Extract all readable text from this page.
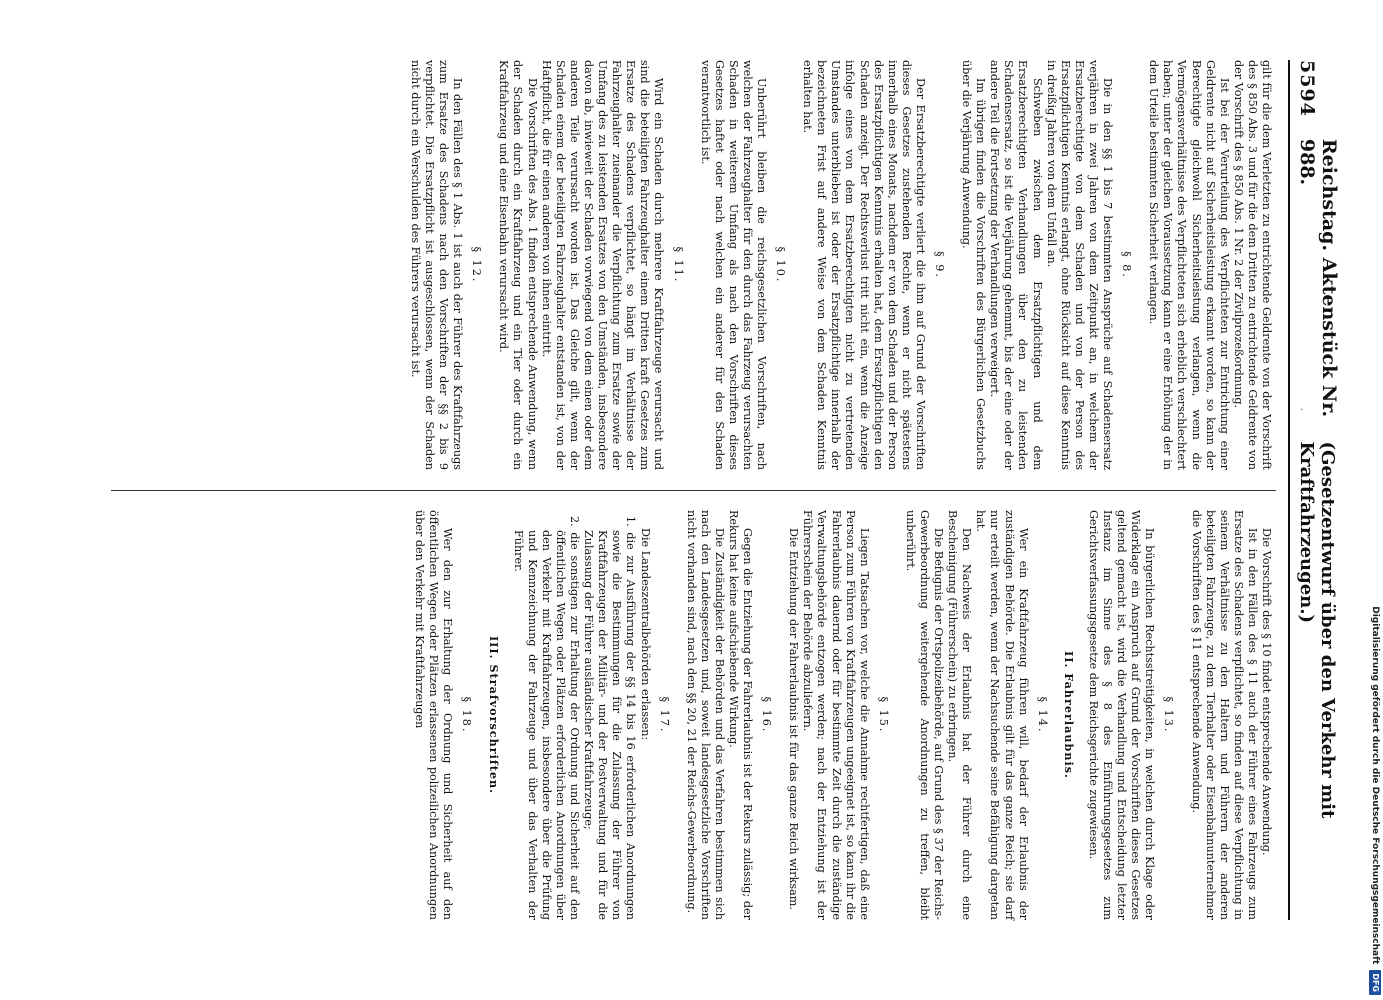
5594
Reichstag. Aktenstück Nr. 988.
(Gesetzentwurf über den Verkehr mit Kraftfahrzeugen.)

gilt für die dem Verletzten zu entrichtende Geldrente von der Vorschrift des § 850 Abs. 3 und für die dem Dritten zu entrichtende Geldrente von der Vorschrift des § 850 Abs. 1 Nr. 2 der Zivilprozeßordnung.

Ist bei der Verurteilung des Verpflichteten zur Entrichtung einer Geldrente nicht auf Sicherheitsleistung erkannt worden, so kann der Berechtigte gleichwohl Sicherheitsleistung verlangen, wenn die Vermögensverhältnisse des Verpflichteten sich erheblich verschlechtert haben; unter der gleichen Voraussetzung kann er eine Erhöhung der in dem Urteile bestimmten Sicherheit verlangen.

§ 8.

Die in den §§ 1 bis 7 bestimmten Ansprüche auf Schadensersatz verjähren in zwei Jahren von dem Zeitpunkt an, in welchem der Ersatzberechtigte von dem Schaden und von der Person des Ersatzpflichtigen Kenntnis erlangt, ohne Rücksicht auf diese Kenntnis in dreißig Jahren von dem Unfall an.

Schweben zwischen dem Ersatzpflichtigen und dem Ersatzberechtigten Verhandlungen über den zu leistenden Schadensersatz, so ist die Verjährung gehemmt, bis der eine oder der andere Teil die Fortsetzung der Verhandlungen verweigert.

Im übrigen finden die Vorschriften des Bürgerlichen Gesetzbuchs über die Verjährung Anwendung.

§ 9.

Der Ersatzberechtigte verliert die ihm auf Grund der Vorschriften dieses Gesetzes zustehenden Rechte, wenn er nicht spätestens innerhalb eines Monats, nachdem er von dem Schaden und der Person des Ersatzpflichtigen Kenntnis erhalten hat, dem Ersatzpflichtigen den Schaden anzeigt. Der Rechtsverlust tritt nicht ein, wenn die Anzeige infolge eines von dem Ersatzberechtigten nicht zu vertretenden Umstandes unterblieben ist oder der Ersatzpflichtige innerhalb der bezeichneten Frist auf andere Weise von dem Schaden Kenntnis erhalten hat.

§ 10.

Unberührt bleiben die reichsgesetzlichen Vorschriften, nach welchen der Fahrzeughalter für den durch das Fahrzeug verursachten Schaden in weiterem Umfang als nach den Vorschriften dieses Gesetzes haftet oder nach welchen ein anderer für den Schaden verantwortlich ist.

§ 11.

Wird ein Schaden durch mehrere Kraftfahrzeuge verursacht und sind die beteiligten Fahrzeughalter einem Dritten kraft Gesetzes zum Ersatze des Schadens verpflichtet, so hängt im Verhältnisse der Fahrzeughalter zueinander die Verpflichtung zum Ersatze sowie der Umfang des zu leistenden Ersatzes von den Umständen, insbesondere davon ab, inwieweit der Schaden vorwiegend von dem einen oder dem anderen Teile verursacht worden ist. Das Gleiche gilt, wenn der Schaden einem der beteiligten Fahrzeughalter entstanden ist, von der Haftpflicht, die für einen anderen von ihnen eintritt.

Die Vorschriften des Abs. 1 finden entsprechende Anwendung, wenn der Schaden durch ein Kraftfahrzeug und ein Tier oder durch ein Kraftfahrzeug und eine Eisenbahn verursacht wird.

§ 12.

In den Fällen des § 1 Abs. 1 ist auch der Führer des Kraftfahrzeugs zum Ersatze des Schadens nach den Vorschriften der §§ 2 bis 9 verpflichtet. Die Ersatzpflicht ist ausgeschlossen, wenn der Schaden nicht durch ein Verschulden des Führers verursacht ist.

Die Vorschrift des § 10 findet entsprechende Anwendung.

Ist in den Fällen des § 11 auch der Führer eines Fahrzeugs zum Ersatze des Schadens verpflichtet, so finden auf diese Verpflichtung in seinem Verhältnisse zu den Haltern und Führern der anderen beteiligten Fahrzeuge, zu dem Tierhalter oder Eisenbahnunternehmer die Vorschriften des § 11 entsprechende Anwendung.

§ 13.

In bürgerlichen Rechtsstreitigkeiten, in welchen durch Klage oder Widerklage ein Anspruch auf Grund der Vorschriften dieses Gesetzes geltend gemacht ist, wird die Verhandlung und Entscheidung letzter Instanz im Sinne des § 8 des Einführungsgesetzes zum Gerichtsverfassungsgesetze dem Reichsgerichte zugewiesen.

II. Fahrerlaubnis.

§ 14.

Wer ein Kraftfahrzeug führen will, bedarf der Erlaubnis der zuständigen Behörde. Die Erlaubnis gilt für das ganze Reich; sie darf nur erteilt werden, wenn der Nachsuchende seine Befähigung dargetan hat.

Den Nachweis der Erlaubnis hat der Führer durch eine Bescheinigung (Führerschein) zu erbringen.

Die Befugnis der Ortspolizeibehörde, auf Grund des § 37 der Reichs-Gewerbeordnung weitergehende Anordnungen zu treffen, bleibt unberührt.

§ 15.

Liegen Tatsachen vor, welche die Annahme rechtfertigen, daß eine Person zum Führen von Kraftfahrzeugen ungeeignet ist, so kann ihr die Fahrerlaubnis dauernd oder für bestimmte Zeit durch die zuständige Verwaltungsbehörde entzogen werden; nach der Entziehung ist der Führerschein der Behörde abzuliefern.

Die Entziehung der Fahrerlaubnis ist für das ganze Reich wirksam.

§ 16.

Gegen die Entziehung der Fahrerlaubnis ist der Rekurs zulässig; der Rekurs hat keine aufschiebende Wirkung.

Die Zuständigkeit der Behörden und das Verfahren bestimmen sich nach den Landesgesetzen und, soweit landesgesetzliche Vorschriften nicht vorhanden sind, nach den §§ 20, 21 der Reichs-Gewerbeordnung.

§ 17.

Die Landeszentralbehörden erlassen:

1. die zur Ausführung der §§ 14 bis 16 erforderlichen Anordnungen sowie die Bestimmungen für die Zulassung der Führer von Kraftfahrzeugen der Militär- und der Postverwaltung und für die Zulassung der Führer ausländischer Kraftfahrzeuge;

2. die sonstigen zur Erhaltung der Ordnung und Sicherheit auf den öffentlichen Wegen oder Plätzen erforderlichen Anordnungen über den Verkehr mit Kraftfahrzeugen, insbesondere über die Prüfung und Kennzeichnung der Fahrzeuge und über das Verhalten der Führer.

III. Strafvorschriften.

§ 18.

Wer den zur Erhaltung der Ordnung und Sicherheit auf den öffentlichen Wegen oder Plätzen erlassenen polizeilichen Anordnungen über den Verkehr mit Kraftfahrzeugen

·
Digitalisierung gefördert durch die Deutsche Forschungsgemeinschaft
DFG
